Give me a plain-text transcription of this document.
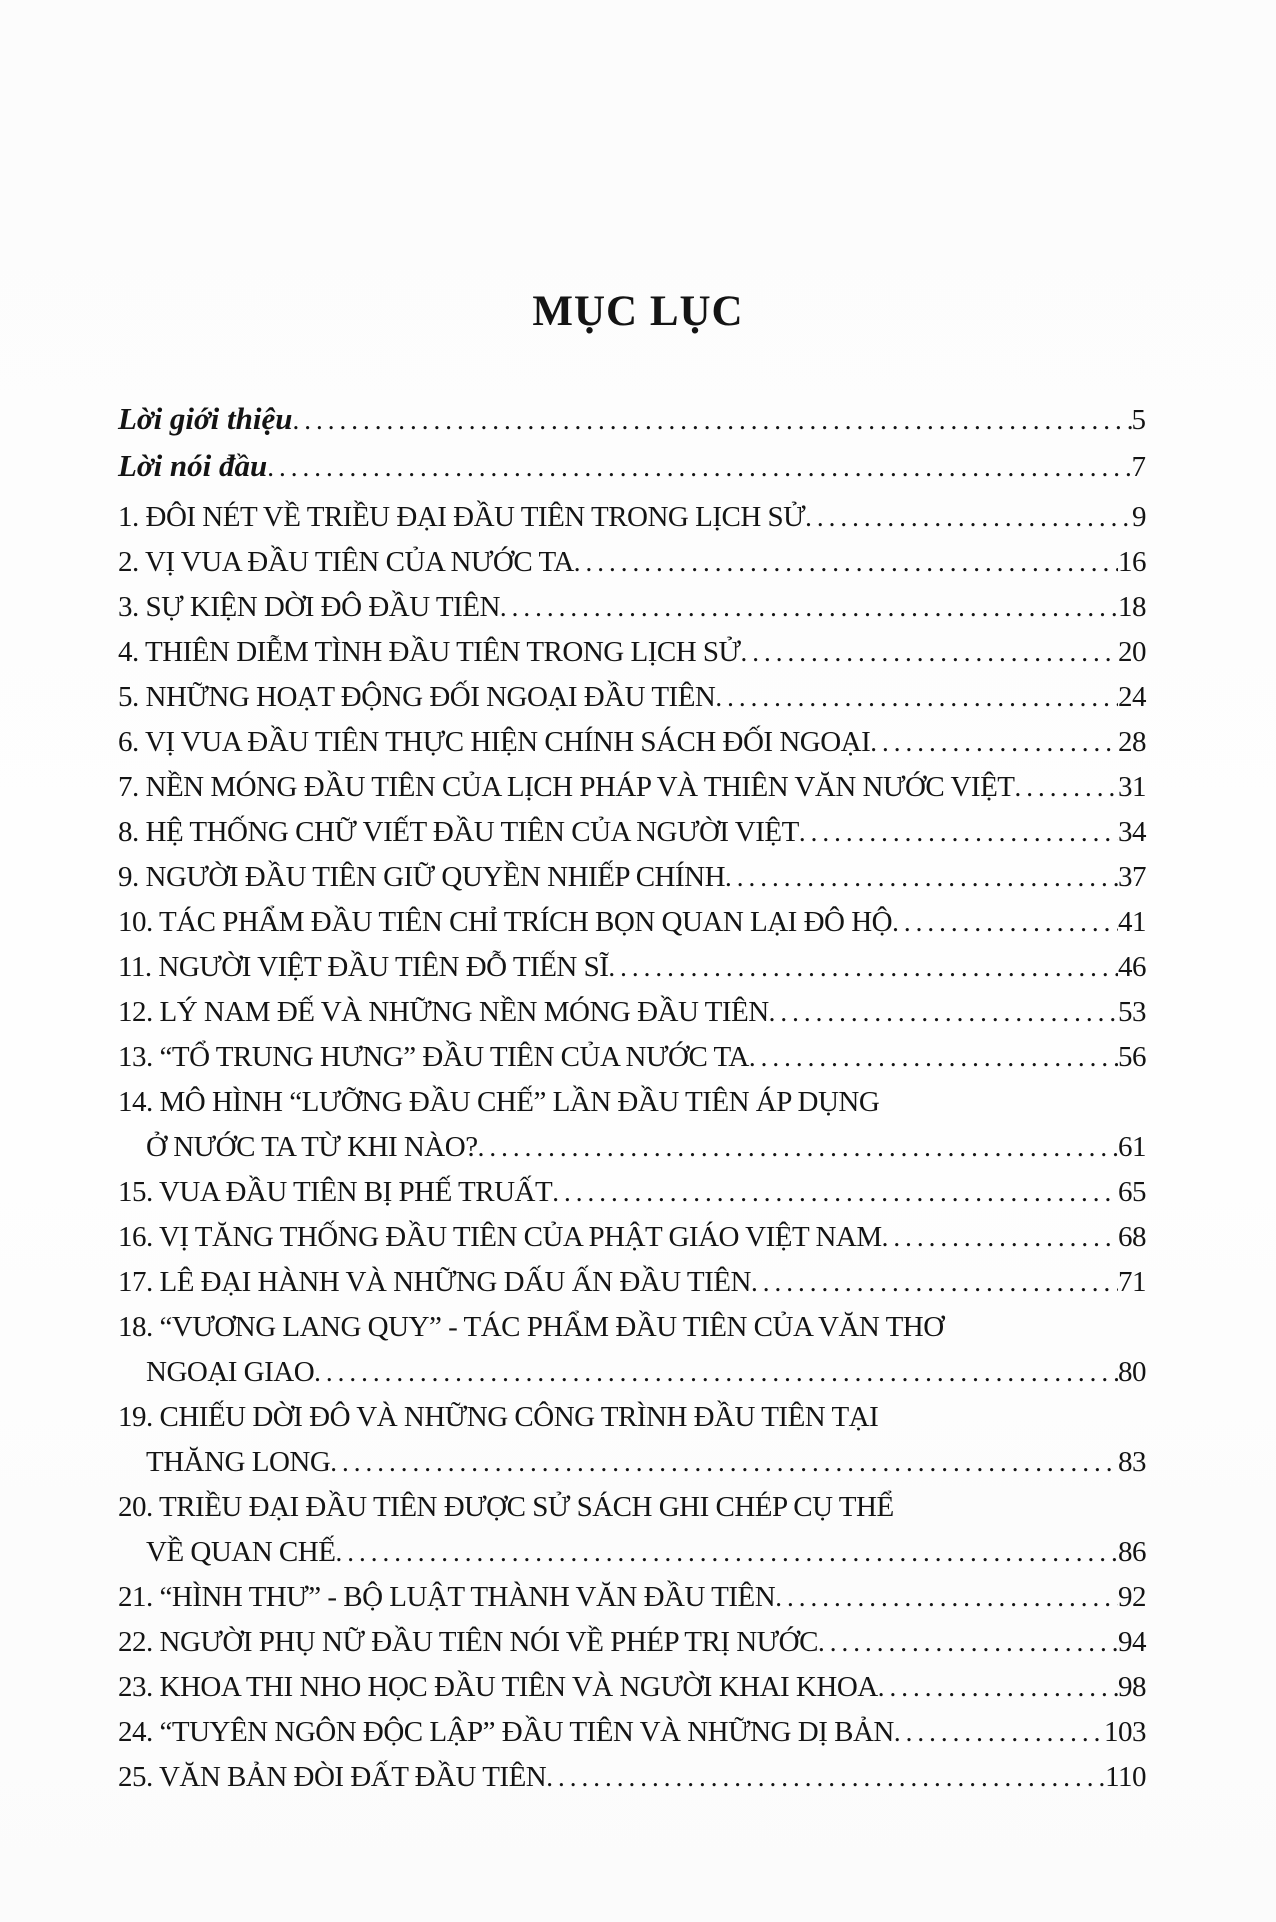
MỤC LỤC
Lời giới thiệu .....	5
Lời nói đầu .....	7
1. ĐÔI NÉT VỀ TRIỀU ĐẠI ĐẦU TIÊN TRONG LỊCH SỬ .....	9
2. VỊ VUA ĐẦU TIÊN CỦA NƯỚC TA .....	16
3. SỰ KIỆN DỜI ĐÔ ĐẦU TIÊN .....	18
4. THIÊN DIỄM TÌNH ĐẦU TIÊN TRONG LỊCH SỬ .....	20
5. NHỮNG HOẠT ĐỘNG ĐỐI NGOẠI ĐẦU TIÊN .....	24
6. VỊ VUA ĐẦU TIÊN THỰC HIỆN CHÍNH SÁCH ĐỐI NGOẠI .....	28
7. NỀN MÓNG ĐẦU TIÊN CỦA LỊCH PHÁP VÀ THIÊN VĂN NƯỚC VIỆT .....	31
8. HỆ THỐNG CHỮ VIẾT ĐẦU TIÊN CỦA NGƯỜI VIỆT .....	34
9. NGƯỜI ĐẦU TIÊN GIỮ QUYỀN NHIẾP CHÍNH .....	37
10. TÁC PHẨM ĐẦU TIÊN CHỈ TRÍCH BỌN QUAN LẠI ĐÔ HỘ .....	41
11. NGƯỜI VIỆT ĐẦU TIÊN ĐỖ TIẾN SĨ .....	46
12. LÝ NAM ĐẾ VÀ NHỮNG NỀN MÓNG ĐẦU TIÊN .....	53
13. “TỔ TRUNG HƯNG” ĐẦU TIÊN CỦA NƯỚC TA .....	56
14. MÔ HÌNH “LƯỠNG ĐẦU CHẾ” LẦN ĐẦU TIÊN ÁP DỤNG
Ở NƯỚC TA TỪ KHI NÀO? .....	61
15. VUA ĐẦU TIÊN BỊ PHẾ TRUẤT .....	65
16. VỊ TĂNG THỐNG ĐẦU TIÊN CỦA PHẬT GIÁO VIỆT NAM .....	68
17. LÊ ĐẠI HÀNH VÀ NHỮNG DẤU ẤN ĐẦU TIÊN .....	71
18. “VƯƠNG LANG QUY” - TÁC PHẨM ĐẦU TIÊN CỦA VĂN THƠ
NGOẠI GIAO .....	80
19. CHIẾU DỜI ĐÔ VÀ NHỮNG CÔNG TRÌNH ĐẦU TIÊN TẠI
THĂNG LONG .....	83
20. TRIỀU ĐẠI ĐẦU TIÊN ĐƯỢC SỬ SÁCH GHI CHÉP CỤ THỂ
VỀ QUAN CHẾ .....	86
21. “HÌNH THƯ” - BỘ LUẬT THÀNH VĂN ĐẦU TIÊN .....	92
22. NGƯỜI PHỤ NỮ ĐẦU TIÊN NÓI VỀ PHÉP TRỊ NƯỚC .....	94
23. KHOA THI NHO HỌC ĐẦU TIÊN VÀ NGƯỜI KHAI KHOA .....	98
24. “TUYÊN NGÔN ĐỘC LẬP” ĐẦU TIÊN VÀ NHỮNG DỊ BẢN .....	103
25. VĂN BẢN ĐÒI ĐẤT ĐẦU TIÊN .....	110
